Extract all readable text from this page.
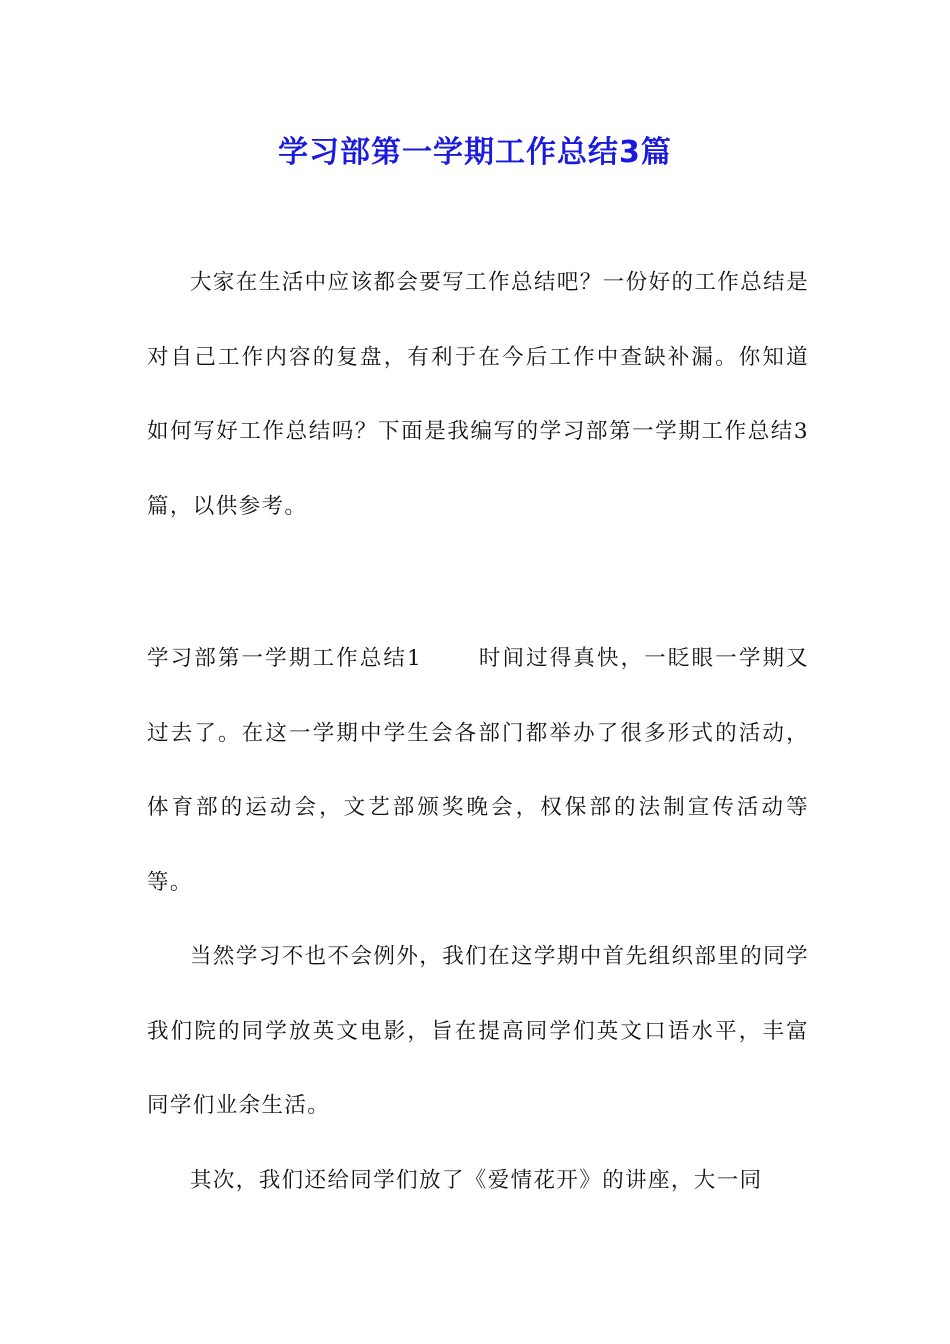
学习部第一学期工作总结3篇

大家在生活中应该都会要写工作总结吧？一份好的工作总结是对自己工作内容的复盘，有利于在今后工作中查缺补漏。你知道如何写好工作总结吗？下面是我编写的学习部第一学期工作总结3篇，以供参考。

学习部第一学期工作总结1	时间过得真快，一眨眼一学期又过去了。在这一学期中学生会各部门都举办了很多形式的活动，体育部的运动会，文艺部颁奖晚会，权保部的法制宣传活动等等。

当然学习不也不会例外，我们在这学期中首先组织部里的同学我们院的同学放英文电影，旨在提高同学们英文口语水平，丰富同学们业余生活。

其次，我们还给同学们放了《爱情花开》的讲座，大一同
